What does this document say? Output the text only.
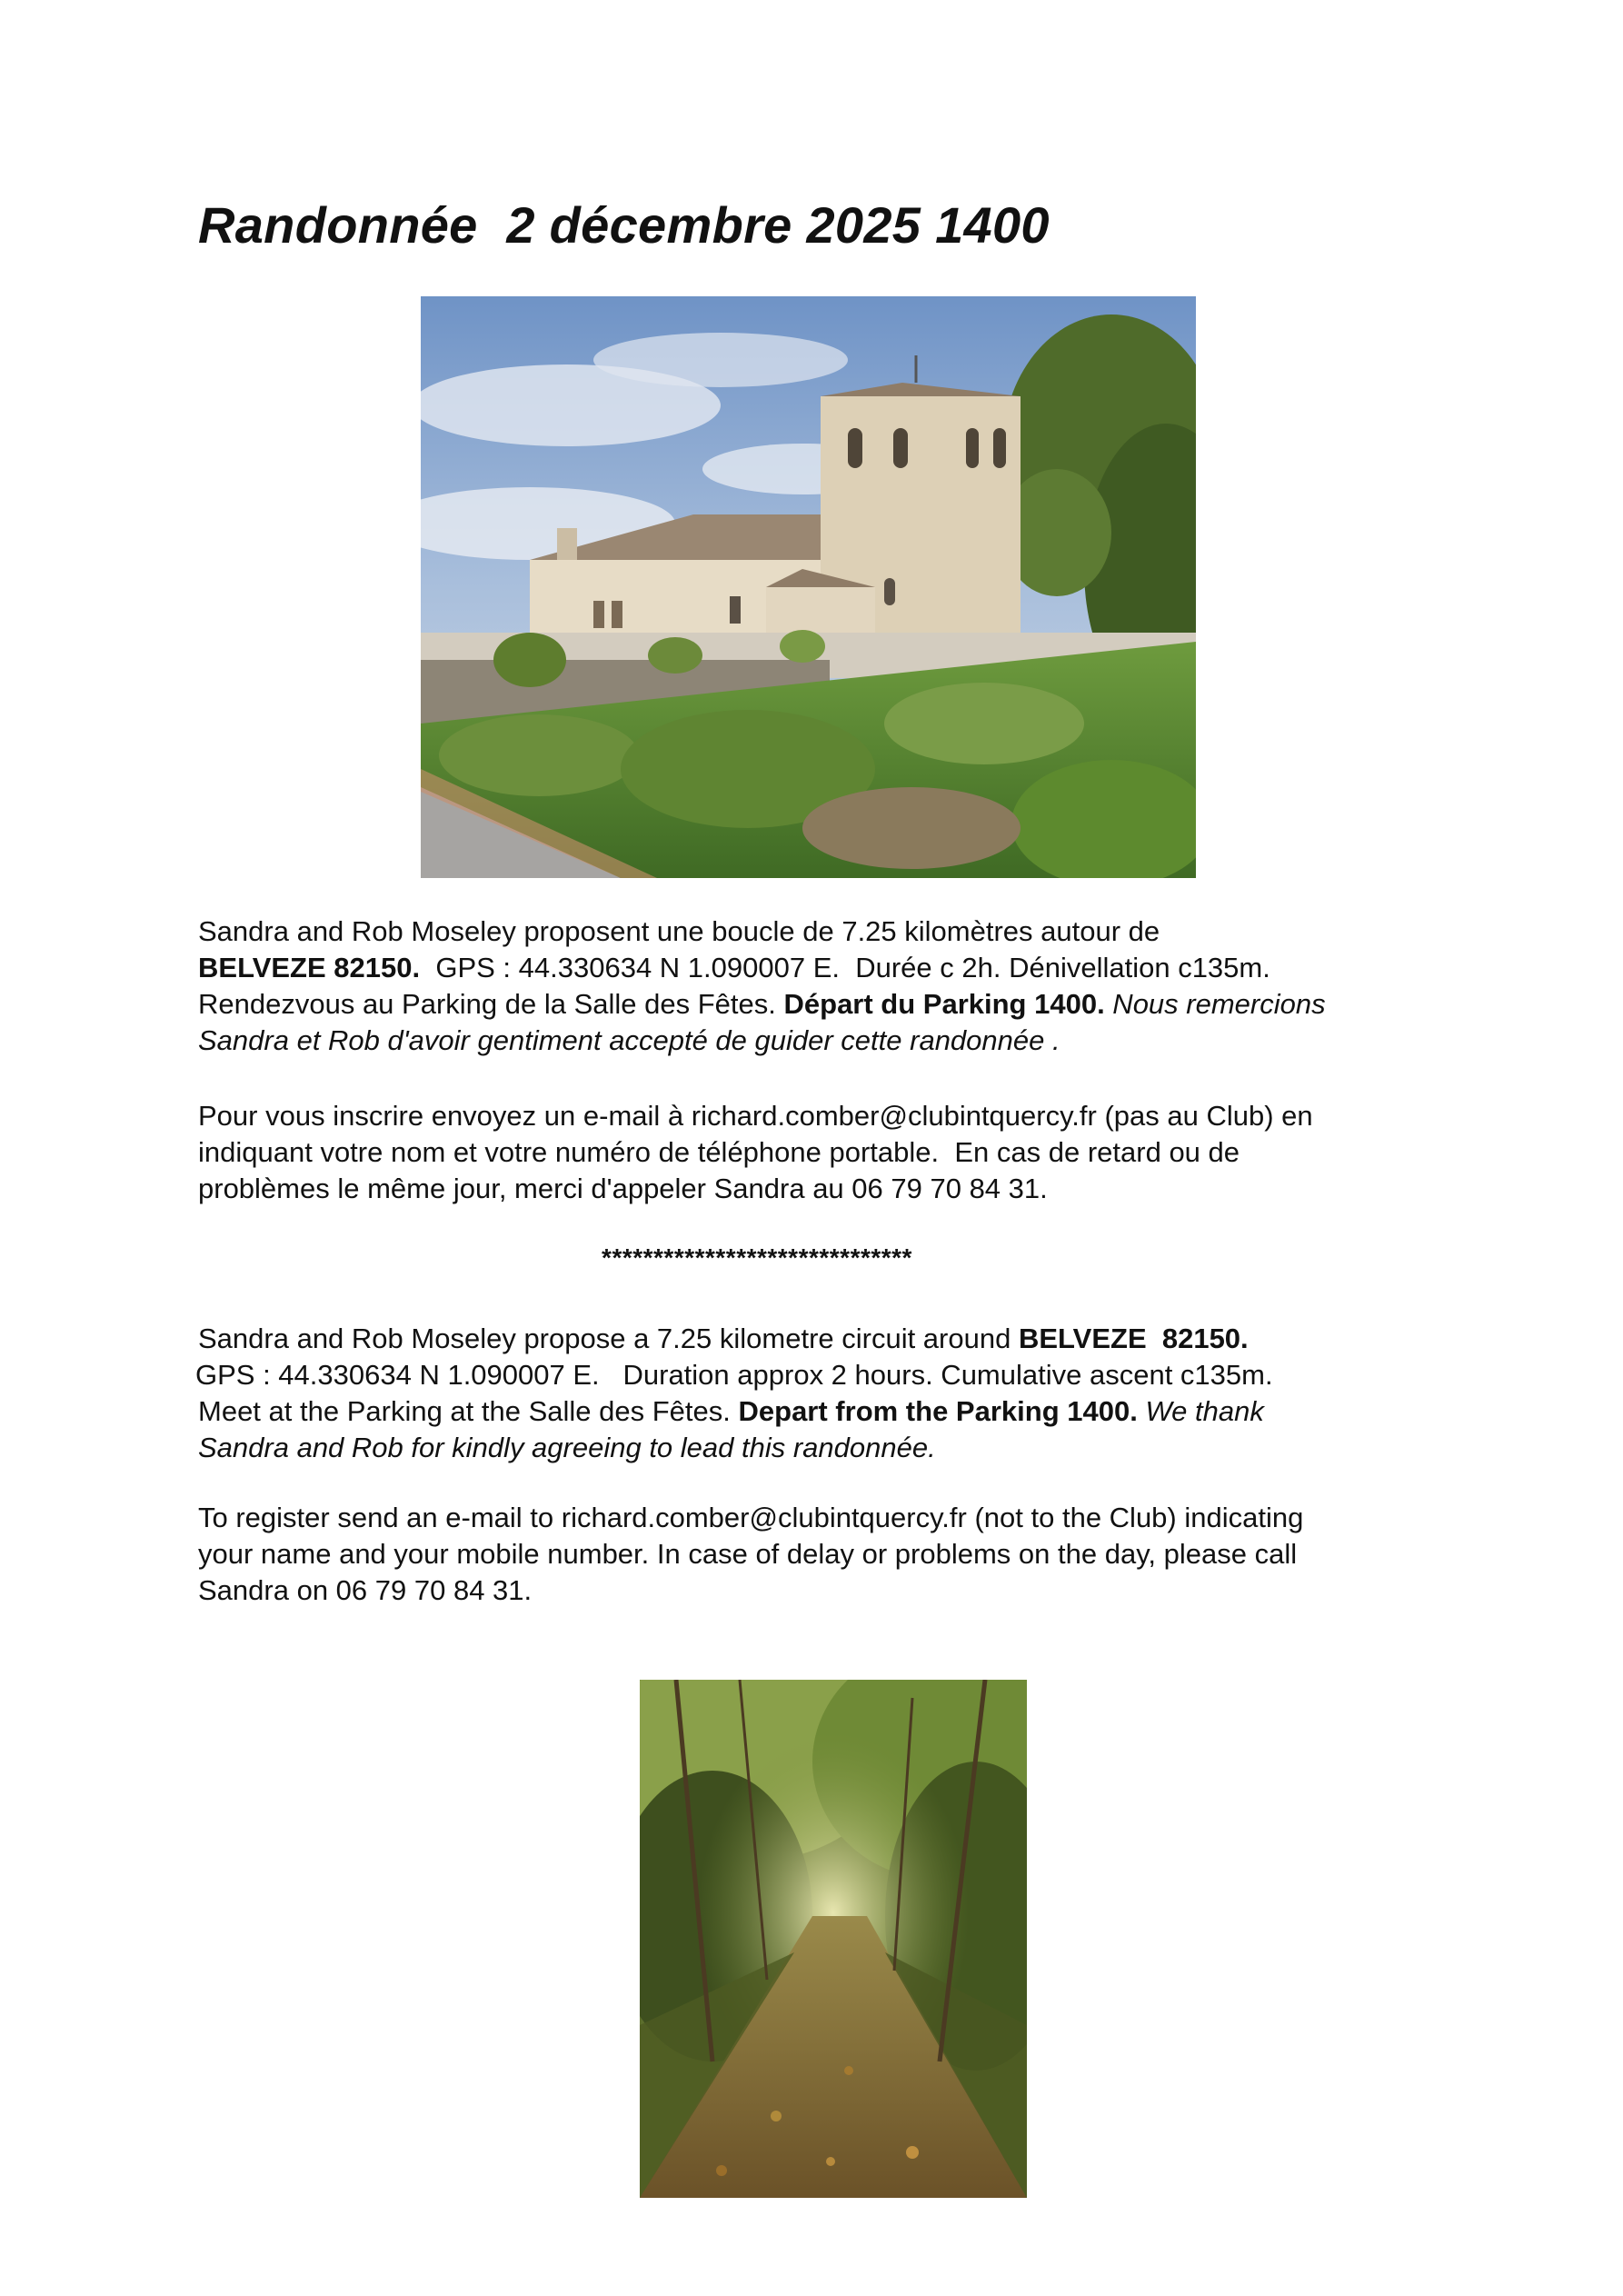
Randonnée  2 décembre 2025 1400
Sandra and Rob Moseley proposent une boucle de 7.25 kilomètres autour de
BELVEZE 82150.  GPS : 44.330634 N 1.090007 E.  Durée c 2h. Dénivellation c135m.
Rendezvous au Parking de la Salle des Fêtes. Départ du Parking 1400. Nous remercions
Sandra et Rob d'avoir gentiment accepté de guider cette randonnée .
Pour vous inscrire envoyez un e-mail à richard.comber@clubintquercy.fr (pas au Club) en
indiquant votre nom et votre numéro de téléphone portable.  En cas de retard ou de
problèmes le même jour, merci d'appeler Sandra au 06 79 70 84 31.
******************************
Sandra and Rob Moseley propose a 7.25 kilometre circuit around BELVEZE  82150.
GPS : 44.330634 N 1.090007 E.   Duration approx 2 hours. Cumulative ascent c135m.
Meet at the Parking at the Salle des Fêtes. Depart from the Parking 1400. We thank
Sandra and Rob for kindly agreeing to lead this randonnée.
To register send an e-mail to richard.comber@clubintquercy.fr (not to the Club) indicating
your name and your mobile number. In case of delay or problems on the day, please call
Sandra on 06 79 70 84 31.
